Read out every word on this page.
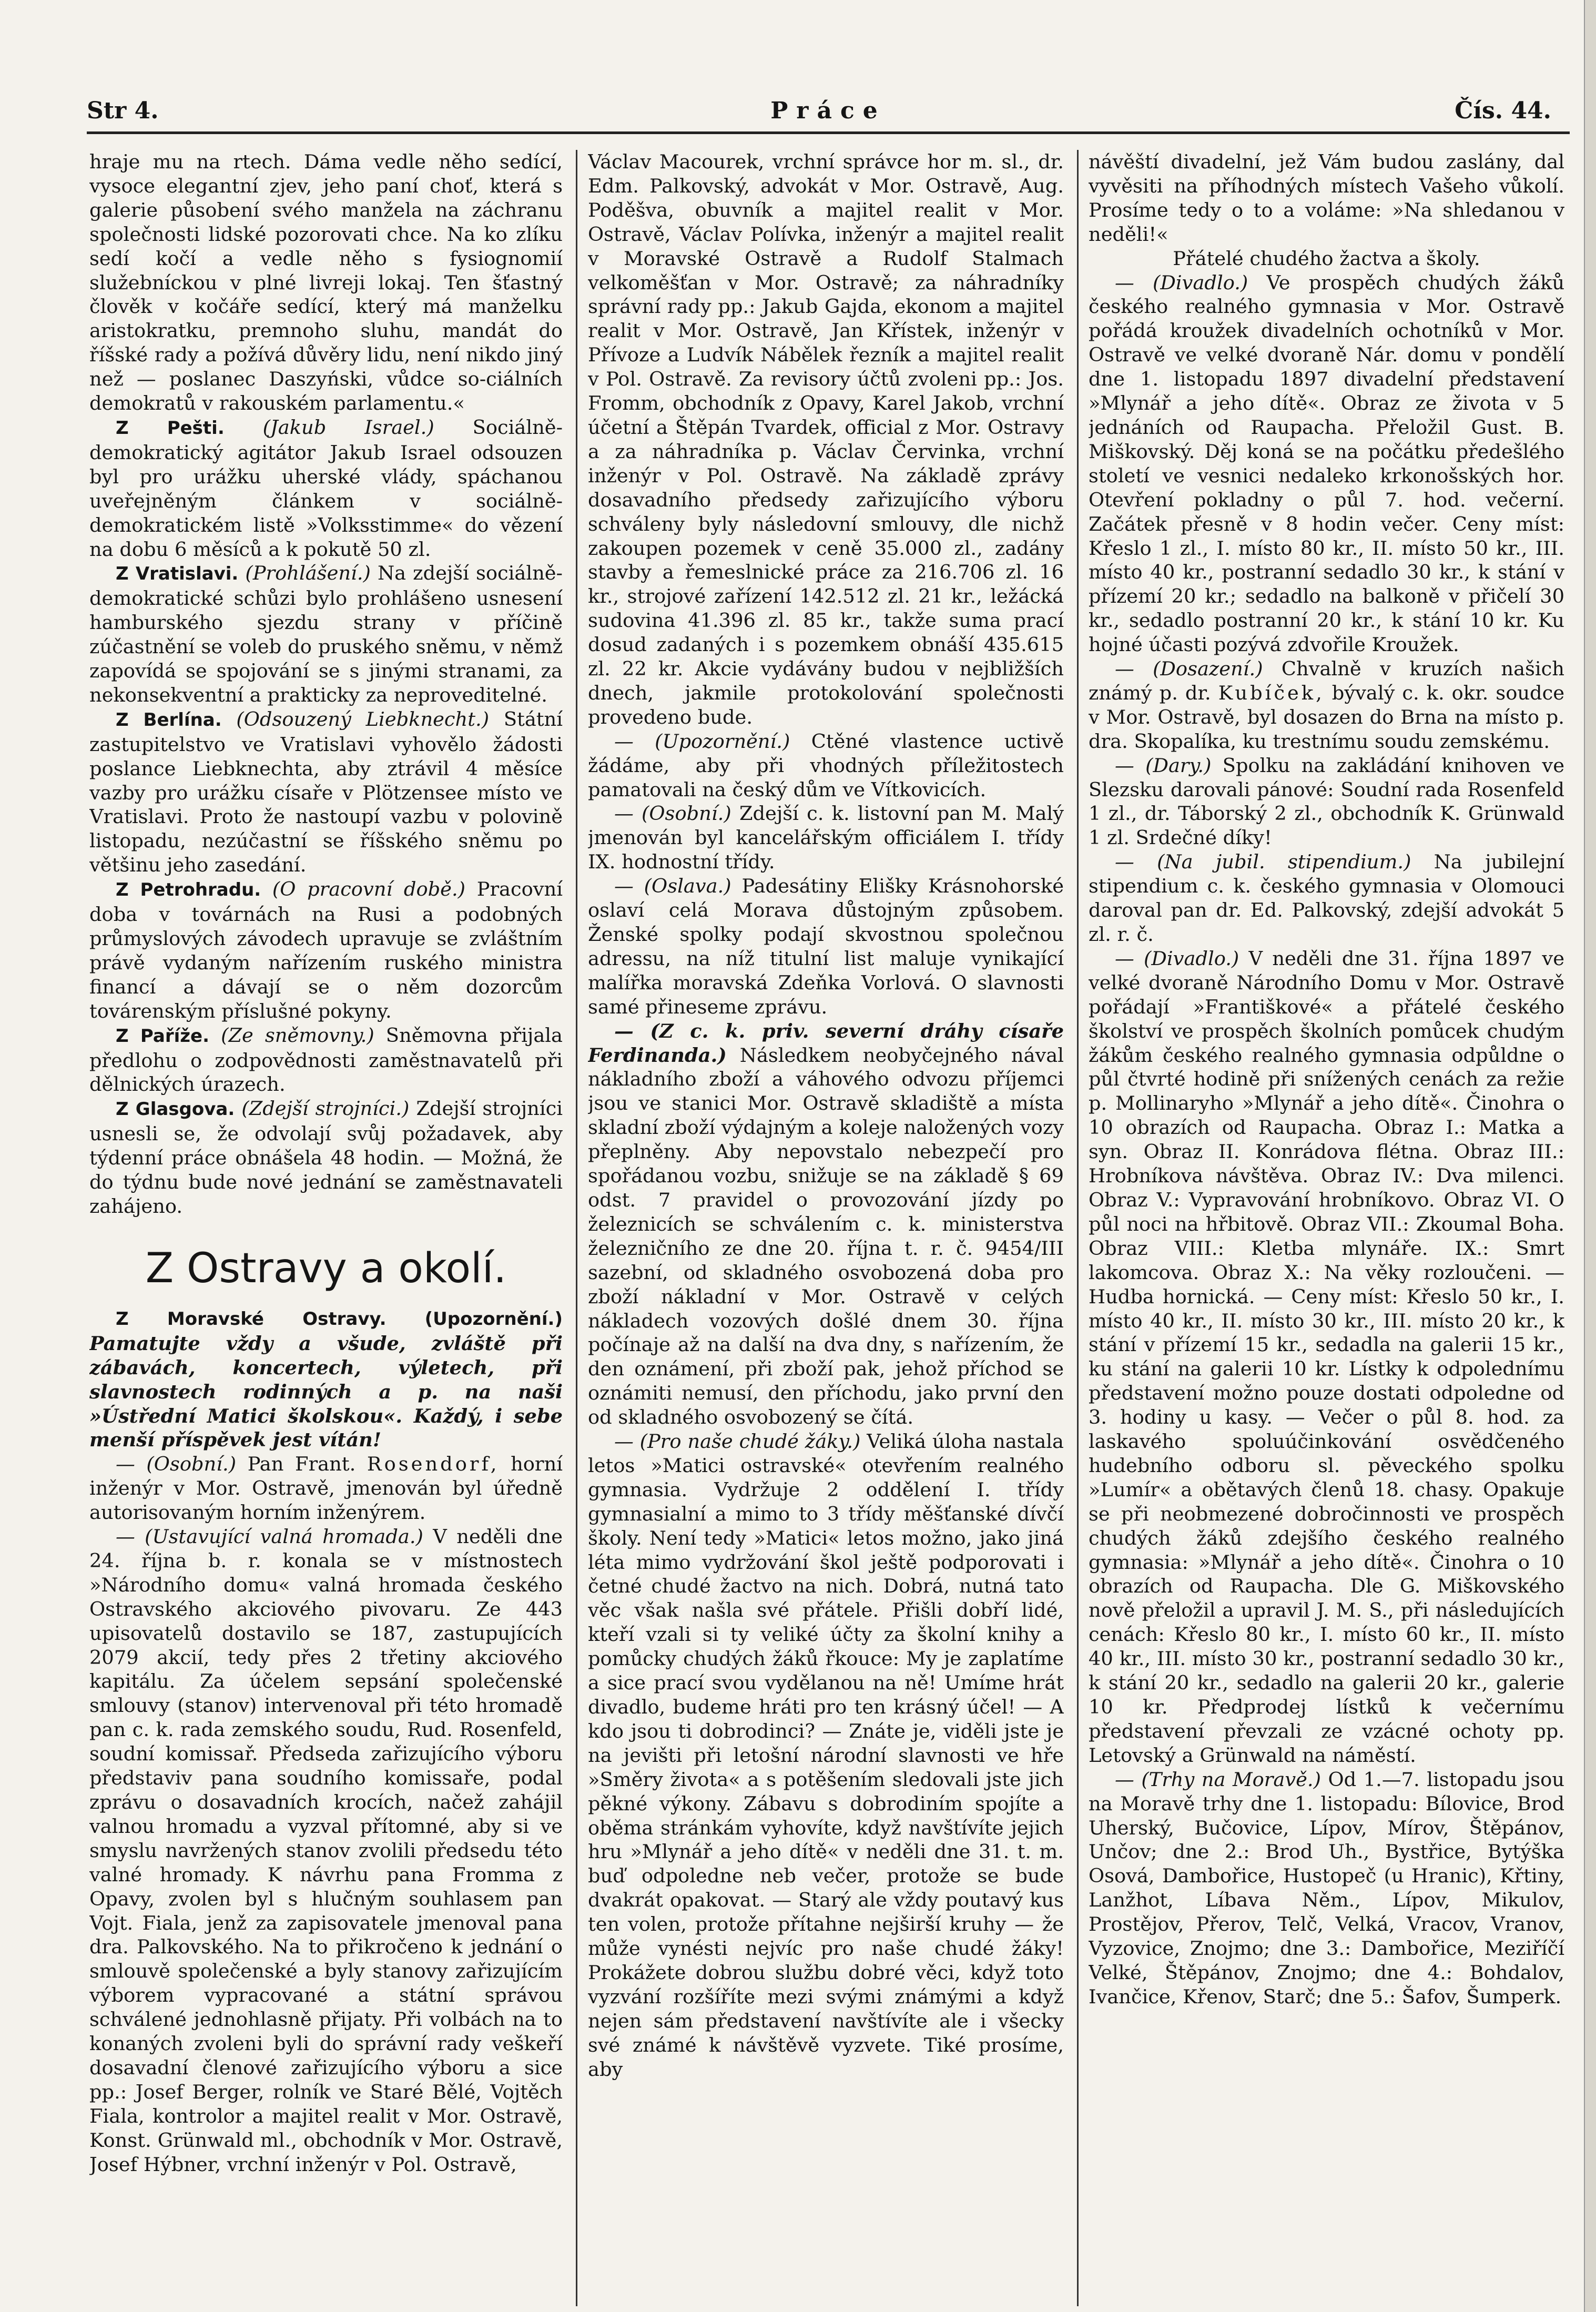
Str 4.	Práce	Čís. 44.

hraje mu na rtech. Dáma vedle něho sedící, vysoce elegantní zjev, jeho paní choť, která s galerie působení svého manžela na záchranu společnosti lidské pozorovati chce. Na ko zlíku sedí kočí a vedle něho s fysiognomií služebníckou v plné livreji lokaj. Ten šťastný člověk v kočáře sedící, který má manželku aristokratku, premnoho sluhu, mandát do říšské rady a požívá důvěry lidu, není nikdo jiný než — poslanec Daszyński, vůdce so-ciálních demokratů v rakouském parlamentu.«

Z Pešti. (Jakub Israel.) Sociálně-demokratický agitátor Jakub Israel odsouzen byl pro urážku uherské vlády, spáchanou uveřejněným článkem v sociálně-demokratickém listě »Volksstimme« do vězení na dobu 6 měsíců a k pokutě 50 zl.

Z Vratislavi. (Prohlášení.) Na zdejší sociálně-demokratické schůzi bylo prohlášeno usnesení hamburského sjezdu strany v příčině zúčastnění se voleb do pruského sněmu, v němž zapovídá se spojování se s jinými stranami, za nekonsekventní a prakticky za neproveditelné.

Z Berlína. (Odsouzený Liebknecht.) Státní zastupitelstvo ve Vratislavi vyhovělo žádosti poslance Liebknechta, aby ztrávil 4 měsíce vazby pro urážku císaře v Plötzensee místo ve Vratislavi. Proto že nastoupí vazbu v polovině listopadu, nezúčastní se říšského sněmu po většinu jeho zasedání.

Z Petrohradu. (O pracovní době.) Pracovní doba v továrnách na Rusi a podobných průmyslových závodech upravuje se zvláštním právě vydaným nařízením ruského ministra financí a dávají se o něm dozorcům továrenským příslušné pokyny.

Z Paříže. (Ze sněmovny.) Sněmovna přijala předlohu o zodpovědnosti zaměstnavatelů při dělnických úrazech.

Z Glasgova. (Zdejší strojníci.) Zdejší strojníci usnesli se, že odvolají svůj požadavek, aby týdenní práce obnášela 48 hodin. — Možná, že do týdnu bude nové jednání se zaměstnavateli zahájeno.

Z Ostravy a okolí.

Z Moravské Ostravy. (Upozornění.) Pamatujte vždy a všude, zvláště při zábavách, koncertech, výletech, při slavnostech rodinných a p. na naši »Ústřední Matici školskou«. Každý, i sebe menší příspěvek jest vítán!

— (Osobní.) Pan Frant. Rosendorf, horní inženýr v Mor. Ostravě, jmenován byl úředně autorisovaným horním inženýrem.

— (Ustavující valná hromada.) V neděli dne 24. října b. r. konala se v místnostech »Národního domu« valná hromada českého Ostravského akciového pivovaru. Ze 443 upisovatelů dostavilo se 187, zastupujících 2079 akcií, tedy přes 2 třetiny akciového kapitálu. Za účelem sepsání společenské smlouvy (stanov) intervenoval při této hromadě pan c. k. rada zemského soudu, Rud. Rosenfeld, soudní komissař. Předseda zařizujícího výboru představiv pana soudního komissaře, podal zprávu o dosavadních krocích, načež zahájil valnou hromadu a vyzval přítomné, aby si ve smyslu navržených stanov zvolili předsedu této valné hromady. K návrhu pana Fromma z Opavy, zvolen byl s hlučným souhlasem pan Vojt. Fiala, jenž za zapisovatele jmenoval pana dra. Palkovského. Na to přikročeno k jednání o smlouvě společenské a byly stanovy zařizujícím výborem vypracované a státní správou schválené jednohlasně přijaty. Při volbách na to konaných zvoleni byli do správní rady veškeří dosavadní členové zařizujícího výboru a sice pp.: Josef Berger, rolník ve Staré Bělé, Vojtěch Fiala, kontrolor a majitel realit v Mor. Ostravě, Konst. Grünwald ml., obchodník v Mor. Ostravě, Josef Hýbner, vrchní inženýr v Pol. Ostravě,

Václav Macourek, vrchní správce hor m. sl., dr. Edm. Palkovský, advokát v Mor. Ostravě, Aug. Poděšva, obuvník a majitel realit v Mor. Ostravě, Václav Polívka, inženýr a majitel realit v Moravské Ostravě a Rudolf Stalmach velkoměšťan v Mor. Ostravě; za náhradníky správní rady pp.: Jakub Gajda, ekonom a majitel realit v Mor. Ostravě, Jan Křístek, inženýr v Přívoze a Ludvík Nábělek řezník a majitel realit v Pol. Ostravě. Za revisory účtů zvoleni pp.: Jos. Fromm, obchodník z Opavy, Karel Jakob, vrchní účetní a Štěpán Tvardek, official z Mor. Ostravy a za náhradníka p. Václav Červinka, vrchní inženýr v Pol. Ostravě. Na základě zprávy dosavadního předsedy zařizujícího výboru schváleny byly následovní smlouvy, dle nichž zakoupen pozemek v ceně 35.000 zl., zadány stavby a řemeslnické práce za 216.706 zl. 16 kr., strojové zařízení 142.512 zl. 21 kr., ležácká sudovina 41.396 zl. 85 kr., takže suma prací dosud zadaných i s pozemkem obnáší 435.615 zl. 22 kr. Akcie vydávány budou v nejbližších dnech, jakmile protokolování společnosti provedeno bude.

— (Upozornění.) Ctěné vlastence uctivě žádáme, aby při vhodných příležitostech pamatovali na český dům ve Vítkovicích.

— (Osobní.) Zdejší c. k. listovní pan M. Malý jmenován byl kancelářským officiálem I. třídy IX. hodnostní třídy.

— (Oslava.) Padesátiny Elišky Krásnohorské oslaví celá Morava důstojným způsobem. Ženské spolky podají skvostnou společnou adressu, na níž titulní list maluje vynikající malířka moravská Zdeňka Vorlová. O slavnosti samé přineseme zprávu.

— (Z c. k. priv. severní dráhy císaře Ferdinanda.) Následkem neobyčejného nával nákladního zboží a váhového odvozu příjemci jsou ve stanici Mor. Ostravě skladiště a místa skladní zboží výdajným a koleje naložených vozy přeplněny. Aby nepovstalo nebezpečí pro spořádanou vozbu, snižuje se na základě § 69 odst. 7 pravidel o provozování jízdy po železnicích se schválením c. k. ministerstva železničního ze dne 20. října t. r. č. 9454/III sazební, od skladného osvobozená doba pro zboží nákladní v Mor. Ostravě v celých nákladech vozových došlé dnem 30. října počínaje až na další na dva dny, s nařízením, že den oznámení, při zboží pak, jehož příchod se oznámiti nemusí, den příchodu, jako první den od skladného osvobozený se čítá.

— (Pro naše chudé žáky.) Veliká úloha nastala letos »Matici ostravské« otevřením realného gymnasia. Vydržuje 2 oddělení I. třídy gymnasialní a mimo to 3 třídy měšťanské dívčí školy. Není tedy »Matici« letos možno, jako jiná léta mimo vydržování škol ještě podporovati i četné chudé žactvo na nich. Dobrá, nutná tato věc však našla své přátele. Přišli dobří lidé, kteří vzali si ty veliké účty za školní knihy a pomůcky chudých žáků řkouce: My je zaplatíme a sice prací svou vydělanou na ně! Umíme hrát divadlo, budeme hráti pro ten krásný účel! — A kdo jsou ti dobrodinci? — Znáte je, viděli jste je na jevišti při letošní národní slavnosti ve hře »Směry života« a s potěšením sledovali jste jich pěkné výkony. Zábavu s dobrodiním spojíte a oběma stránkám vyhovíte, když navštívíte jejich hru »Mlynář a jeho dítě« v neděli dne 31. t. m. buď odpoledne neb večer, protože se bude dvakrát opakovat. — Starý ale vždy poutavý kus ten volen, protože přítahne nejširší kruhy — že může vynésti nejvíc pro naše chudé žáky! Prokážete dobrou službu dobré věci, když toto vyzvání rozšíříte mezi svými známými a když nejen sám představení navštívíte ale i všecky své známé k návštěvě vyzvete. Tiké prosíme, aby

návěští divadelní, jež Vám budou zaslány, dal vyvěsiti na příhodných místech Vašeho vůkolí. Prosíme tedy o to a voláme: »Na shledanou v neděli!«

Přátelé chudého žactva a školy.

— (Divadlo.) Ve prospěch chudých žáků českého realného gymnasia v Mor. Ostravě pořádá kroužek divadelních ochotníků v Mor. Ostravě ve velké dvoraně Nár. domu v pondělí dne 1. listopadu 1897 divadelní představení »Mlynář a jeho dítě«. Obraz ze života v 5 jednáních od Raupacha. Přeložil Gust. B. Miškovský. Děj koná se na počátku předešlého století ve vesnici nedaleko krkonošských hor. Otevření pokladny o půl 7. hod. večerní. Začátek přesně v 8 hodin večer. Ceny míst: Křeslo 1 zl., I. místo 80 kr., II. místo 50 kr., III. místo 40 kr., postranní sedadlo 30 kr., k stání v přízemí 20 kr.; sedadlo na balkoně v přičelí 30 kr., sedadlo postranní 20 kr., k stání 10 kr. Ku hojné účasti pozývá zdvořile Kroužek.

— (Dosazení.) Chvalně v kruzích našich známý p. dr. Kubíček, bývalý c. k. okr. soudce v Mor. Ostravě, byl dosazen do Brna na místo p. dra. Skopalíka, ku trestnímu soudu zemskému.

— (Dary.) Spolku na zakládání knihoven ve Slezsku darovali pánové: Soudní rada Rosenfeld 1 zl., dr. Táborský 2 zl., obchodník K. Grünwald 1 zl. Srdečné díky!

— (Na jubil. stipendium.) Na jubilejní stipendium c. k. českého gymnasia v Olomouci daroval pan dr. Ed. Palkovský, zdejší advokát 5 zl. r. č.

— (Divadlo.) V neděli dne 31. října 1897 ve velké dvoraně Národního Domu v Mor. Ostravě pořádají »Františkové« a přátelé českého školství ve prospěch školních pomůcek chudým žákům českého realného gymnasia odpůldne o půl čtvrté hodině při snížených cenách za režie p. Mollinaryho »Mlynář a jeho dítě«. Činohra o 10 obrazích od Raupacha. Obraz I.: Matka a syn. Obraz II. Konrádova flétna. Obraz III.: Hrobníkova návštěva. Obraz IV.: Dva milenci. Obraz V.: Vypravování hrobníkovo. Obraz VI. O půl noci na hřbitově. Obraz VII.: Zkoumal Boha. Obraz VIII.: Kletba mlynáře. IX.: Smrt lakomcova. Obraz X.: Na věky rozloučeni. — Hudba hornická. — Ceny míst: Křeslo 50 kr., I. místo 40 kr., II. místo 30 kr., III. místo 20 kr., k stání v přízemí 15 kr., sedadla na galerii 15 kr., ku stání na galerii 10 kr. Lístky k odpolednímu představení možno pouze dostati odpoledne od 3. hodiny u kasy. — Večer o půl 8. hod. za laskavého spoluúčinkování osvědčeného hudebního odboru sl. pěveckého spolku »Lumír« a obětavých členů 18. chasy. Opakuje se při neobmezené dobročinnosti ve prospěch chudých žáků zdejšího českého realného gymnasia: »Mlynář a jeho dítě«. Činohra o 10 obrazích od Raupacha. Dle G. Miškovského nově přeložil a upravil J. M. S., při následujících cenách: Křeslo 80 kr., I. místo 60 kr., II. místo 40 kr., III. místo 30 kr., postranní sedadlo 30 kr., k stání 20 kr., sedadlo na galerii 20 kr., galerie 10 kr. Předprodej lístků k večernímu představení převzali ze vzácné ochoty pp. Letovský a Grünwald na náměstí.

— (Trhy na Moravě.) Od 1.—7. listopadu jsou na Moravě trhy dne 1. listopadu: Bílovice, Brod Uherský, Bučovice, Lípov, Mírov, Štěpánov, Unčov; dne 2.: Brod Uh., Bystřice, Bytýška Osová, Dambořice, Hustopeč (u Hranic), Křtiny, Lanžhot, Líbava Něm., Lípov, Mikulov, Prostějov, Přerov, Telč, Velká, Vracov, Vranov, Vyzovice, Znojmo; dne 3.: Dambořice, Meziříčí Velké, Štěpánov, Znojmo; dne 4.: Bohdalov, Ivančice, Křenov, Starč; dne 5.: Šafov, Šumperk.
